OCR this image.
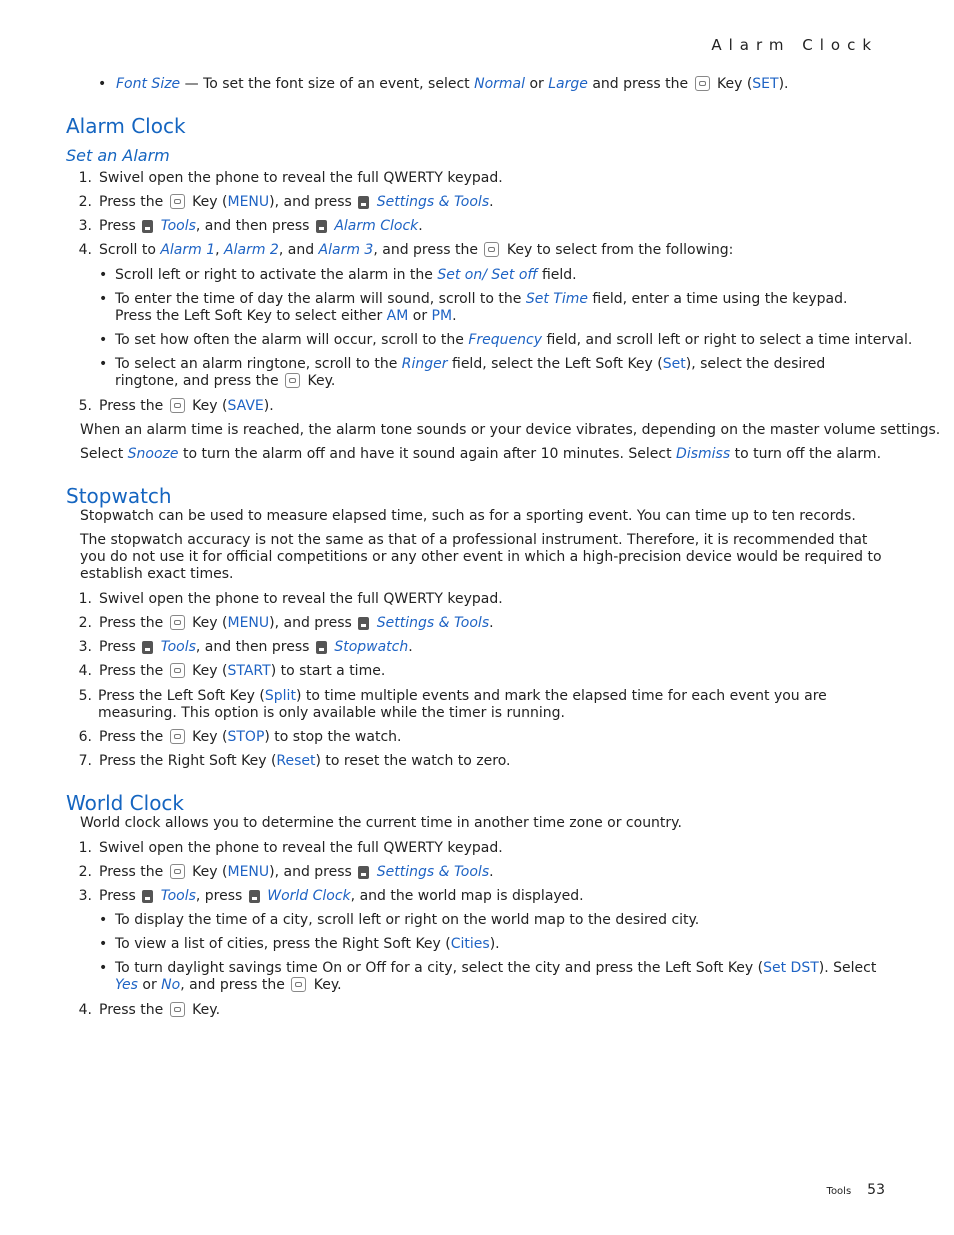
Alarm Clock
• Font Size — To set the font size of an event, select Normal or Large and press the  Key (SET).
Alarm Clock
Set an Alarm
1. Swivel open the phone to reveal the full QWERTY keypad.
2. Press the  Key (MENU), and press  Settings & Tools.
3. Press  Tools, and then press  Alarm Clock.
4. Scroll to Alarm 1, Alarm 2, and Alarm 3, and press the  Key to select from the following:
• Scroll left or right to activate the alarm in the Set on/ Set off field.
• To enter the time of day the alarm will sound, scroll to the Set Time field, enter a time using the keypad. Press the Left Soft Key to select either AM or PM.
• To set how often the alarm will occur, scroll to the Frequency field, and scroll left or right to select a time interval.
• To select an alarm ringtone, scroll to the Ringer field, select the Left Soft Key (Set), select the desired ringtone, and press the  Key.
5. Press the  Key (SAVE).
When an alarm time is reached, the alarm tone sounds or your device vibrates, depending on the master volume settings.
Select Snooze to turn the alarm off and have it sound again after 10 minutes. Select Dismiss to turn off the alarm.
Stopwatch
Stopwatch can be used to measure elapsed time, such as for a sporting event. You can time up to ten records.
The stopwatch accuracy is not the same as that of a professional instrument. Therefore, it is recommended that you do not use it for official competitions or any other event in which a high-precision device would be required to establish exact times.
1. Swivel open the phone to reveal the full QWERTY keypad.
2. Press the  Key (MENU), and press  Settings & Tools.
3. Press  Tools, and then press  Stopwatch.
4. Press the  Key (START) to start a time.
5. Press the Left Soft Key (Split) to time multiple events and mark the elapsed time for each event you are measuring. This option is only available while the timer is running.
6. Press the  Key (STOP) to stop the watch.
7. Press the Right Soft Key (Reset) to reset the watch to zero.
World Clock
World clock allows you to determine the current time in another time zone or country.
1. Swivel open the phone to reveal the full QWERTY keypad.
2. Press the  Key (MENU), and press  Settings & Tools.
3. Press  Tools, press  World Clock, and the world map is displayed.
• To display the time of a city, scroll left or right on the world map to the desired city.
• To view a list of cities, press the Right Soft Key (Cities).
• To turn daylight savings time On or Off for a city, select the city and press the Left Soft Key (Set DST). Select Yes or No, and press the  Key.
4. Press the  Key.
Tools 53
